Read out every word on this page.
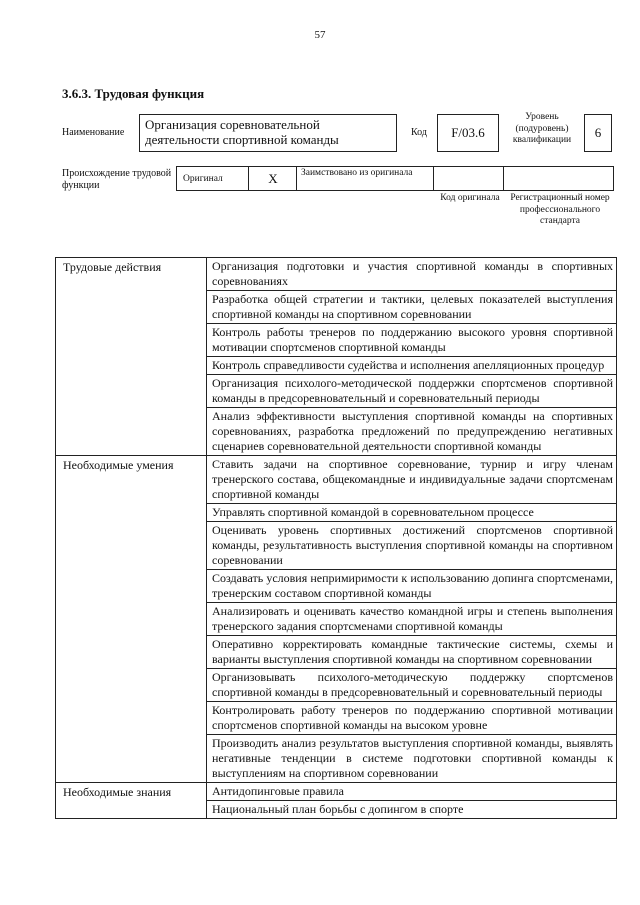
57
3.6.3. Трудовая функция
Наименование
Организация соревновательной деятельности спортивной команды	Код	F/03.6
Уровень (подуровень) квалификации	6
Происхождение трудовой функции
Оригинал	X	Заимствовано из оригинала
Код оригинала	Регистрационный номер профессионального стандарта
Трудовые действия	Организация подготовки и участия спортивной команды в спортивных соревнованиях
	Разработка общей стратегии и тактики, целевых показателей выступления спортивной команды на спортивном соревновании
	Контроль работы тренеров по поддержанию высокого уровня спортивной мотивации спортсменов спортивной команды
	Контроль справедливости судейства и исполнения апелляционных процедур
	Организация психолого-методической поддержки спортсменов спортивной команды в предсоревновательный и соревновательный периоды
	Анализ эффективности выступления спортивной команды на спортивных соревнованиях, разработка предложений по предупреждению негативных сценариев соревновательной деятельности спортивной команды
Необходимые умения	Ставить задачи на спортивное соревнование, турнир и игру членам тренерского состава, общекомандные и индивидуальные задачи спортсменам спортивной команды
	Управлять спортивной командой в соревновательном процессе
	Оценивать уровень спортивных достижений спортсменов спортивной команды, результативность выступления спортивной команды на спортивном соревновании
	Создавать условия непримиримости к использованию допинга спортсменами, тренерским составом спортивной команды
	Анализировать и оценивать качество командной игры и степень выполнения тренерского задания спортсменами спортивной команды
	Оперативно корректировать командные тактические системы, схемы и варианты выступления спортивной команды на спортивном соревновании
	Организовывать психолого-методическую поддержку спортсменов спортивной команды в предсоревновательный и соревновательный периоды
	Контролировать работу тренеров по поддержанию спортивной мотивации спортсменов спортивной команды на высоком уровне
	Производить анализ результатов выступления спортивной команды, выявлять негативные тенденции в системе подготовки спортивной команды к выступлениям на спортивном соревновании
Необходимые знания	Антидопинговые правила
	Национальный план борьбы с допингом в спорте
